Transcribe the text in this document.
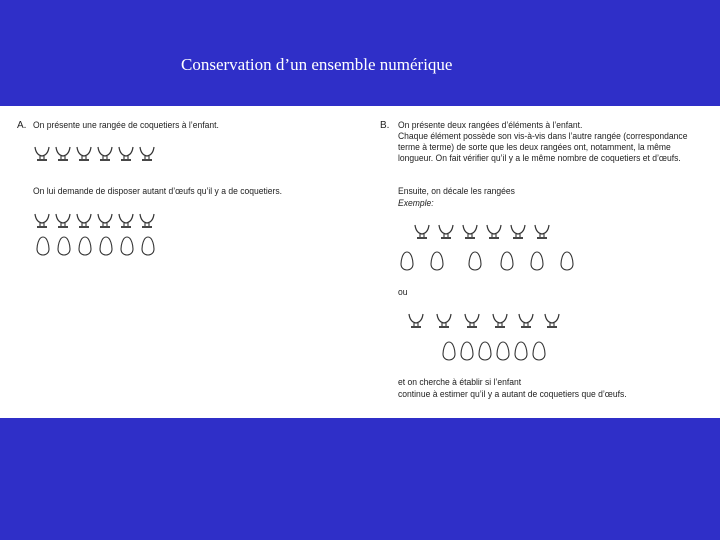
Conservation d’un ensemble numérique
A. On présente une rangée de coquetiers à l’enfant.
On lui demande de disposer autant d’œufs qu’il y a de coquetiers.
B. On présente deux rangées d’éléments à l’enfant.
Chaque élément possède son vis-à-vis dans l’autre rangée (correspondance
terme à terme) de sorte que les deux rangées ont, notamment, la même
longueur. On fait vérifier qu’il y a le même nombre de coquetiers et d’œufs.
Ensuite, on décale les rangées
Exemple:
ou
et on cherche à établir si l’enfant
continue à estimer qu’il y a autant de coquetiers que d’œufs.
